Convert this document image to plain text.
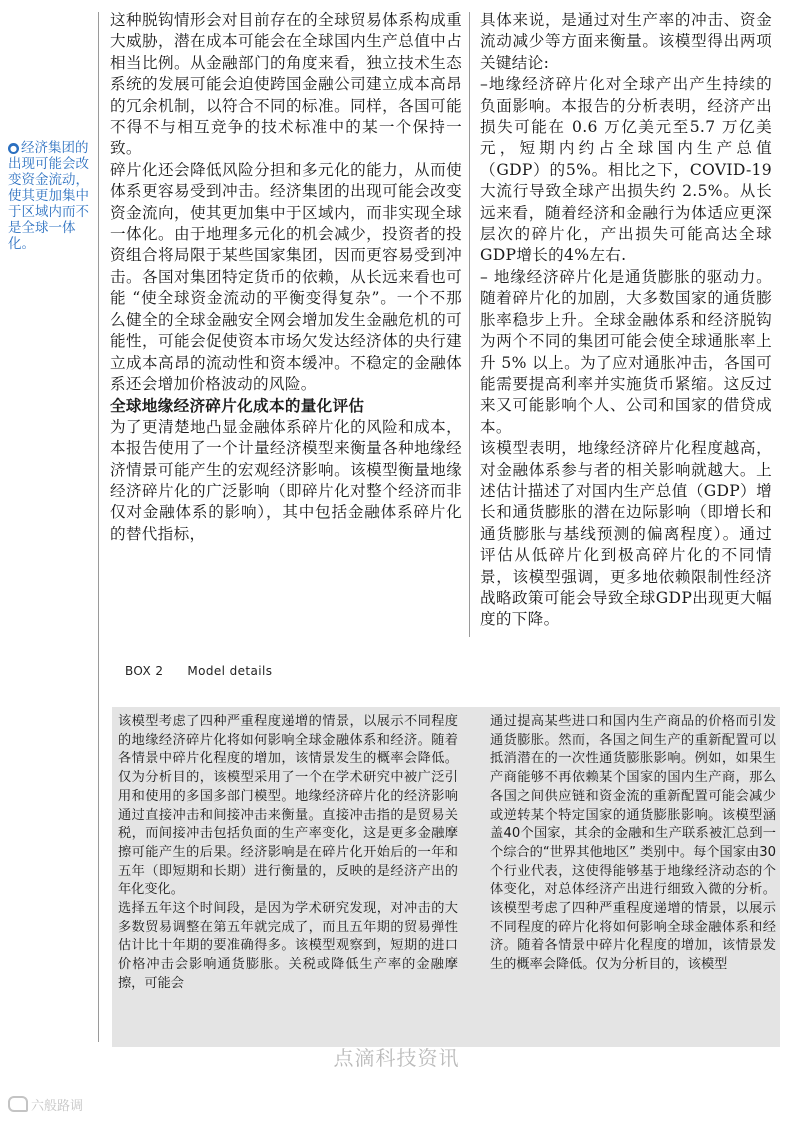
● 经济集团的出现可能会改变资金流动，使其更加集中于区域内而不是全球一体化。

这种脱钩情形会对目前存在的全球贸易体系构成重大威胁，潜在成本可能会在全球国内生产总值中占相当比例。从金融部门的角度来看，独立技术生态系统的发展可能会迫使跨国金融公司建立成本高昂的冗余机制，以符合不同的标准。同样，各国可能不得不与相互竞争的技术标准中的某一个保持一致。

碎片化还会降低风险分担和多元化的能力，从而使体系更容易受到冲击。经济集团的出现可能会改变资金流向，使其更加集中于区域内，而非实现全球一体化。由于地理多元化的机会减少，投资者的投资组合将局限于某些国家集团，因而更容易受到冲击。各国对集团特定货币的依赖，从长远来看也可能 “使全球资金流动的平衡变得复杂”。一个不那么健全的全球金融安全网会增加发生金融危机的可能性，可能会促使资本市场欠发达经济体的央行建立成本高昂的流动性和资本缓冲。不稳定的金融体系还会增加价格波动的风险。

全球地缘经济碎片化成本的量化评估

为了更清楚地凸显金融体系碎片化的风险和成本，本报告使用了一个计量经济模型来衡量各种地缘经济情景可能产生的宏观经济影响。该模型衡量地缘经济碎片化的广泛影响（即碎片化对整个经济而非仅对金融体系的影响），其中包括金融体系碎片化的替代指标，

具体来说，是通过对生产率的冲击、资金流动减少等方面来衡量。该模型得出两项关键结论:

–地缘经济碎片化对全球产出产生持续的负面影响。本报告的分析表明，经济产出损失可能在 0.6 万亿美元至5.7 万亿美元，短期内约占全球国内生产总值（GDP）的5%。相比之下，COVID-19 大流行导致全球产出损失约 2.5%。从长远来看，随着经济和金融行为体适应更深层次的碎片化，产出损失可能高达全球GDP增长的4%左右.

– 地缘经济碎片化是通货膨胀的驱动力。随着碎片化的加剧，大多数国家的通货膨胀率稳步上升。全球金融体系和经济脱钩为两个不同的集团可能会使全球通胀率上升 5% 以上。为了应对通胀冲击，各国可能需要提高利率并实施货币紧缩。这反过来又可能影响个人、公司和国家的借贷成本。

该模型表明，地缘经济碎片化程度越高，对金融体系参与者的相关影响就越大。上述估计描述了对国内生产总值（GDP）增长和通货膨胀的潜在边际影响（即增长和通货膨胀与基线预测的偏离程度）。通过评估从低碎片化到极高碎片化的不同情景，该模型强调，更多地依赖限制性经济战略政策可能会导致全球GDP出现更大幅度的下降。

BOX 2 Model details

该模型考虑了四种严重程度递增的情景，以展示不同程度的地缘经济碎片化将如何影响全球金融体系和经济。随着各情景中碎片化程度的增加，该情景发生的概率会降低。仅为分析目的，该模型采用了一个在学术研究中被广泛引用和使用的多国多部门模型。地缘经济碎片化的经济影响通过直接冲击和间接冲击来衡量。直接冲击指的是贸易关税，而间接冲击包括负面的生产率变化，这是更多金融摩擦可能产生的后果。经济影响是在碎片化开始后的一年和五年（即短期和长期）进行衡量的，反映的是经济产出的年化变化。

选择五年这个时间段，是因为学术研究发现，对冲击的大多数贸易调整在第五年就完成了，而且五年期的贸易弹性估计比十年期的要准确得多。该模型观察到，短期的进口价格冲击会影响通货膨胀。关税或降低生产率的金融摩擦，可能会

通过提高某些进口和国内生产商品的价格而引发通货膨胀。然而，各国之间生产的重新配置可以抵消潜在的一次性通货膨胀影响。例如，如果生产商能够不再依赖某个国家的国内生产商，那么各国之间供应链和资金流的重新配置可能会减少或逆转某个特定国家的通货膨胀影响。该模型涵盖40个国家，其余的金融和生产联系被汇总到一个综合的“世界其他地区” 类别中。每个国家由30个行业代表，这使得能够基于地缘经济动态的个体变化，对总体经济产出进行细致入微的分析。该模型考虑了四种严重程度递增的情景，以展示不同程度的碎片化将如何影响全球金融体系和经济。随着各情景中碎片化程度的增加，该情景发生的概率会降低。仅为分析目的，该模型

点滴科技资讯
六般路调
